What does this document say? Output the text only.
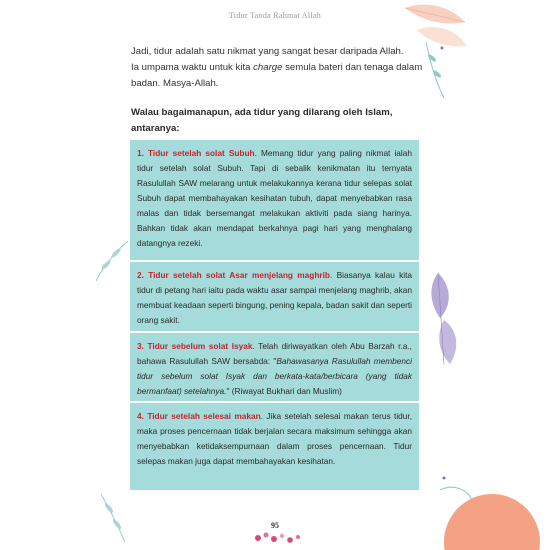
Tidur Tanda Rahmat Allah

Jadi, tidur adalah satu nikmat yang sangat besar daripada Allah.

Ia umpama waktu untuk kita charge semula bateri dan tenaga dalam

badan. Masya-Allah.

Walau bagaimanapun, ada tidur yang dilarang oleh Islam, antaranya:

1. Tidur setelah solat Subuh. Memang tidur yang paling nikmat ialah tidur setelah solat Subuh. Tapi di sebalik kenikmatan itu ternyata Rasulullah SAW melarang untuk melakukannya kerana tidur selepas solat Subuh dapat membahayakan kesihatan tubuh, dapat menyebabkan rasa malas dan tidak bersemangat melakukan aktiviti pada siang harinya. Bahkan tidak akan mendapat berkahnya pagi hari yang menghalang datangnya rezeki.
2. Tidur setelah solat Asar menjelang maghrib. Biasanya kalau kita tidur di petang hari iaitu pada waktu asar sampai menjelang maghrib, akan membuat keadaan seperti bingung, pening kepala, badan sakit dan seperti orang sakit.
3. Tidur sebelum solat Isyak. Telah diriwayatkan oleh Abu Barzah r.a., bahawa Rasulullah SAW bersabda: "Bahawasanya Rasulullah membenci tidur sebelum solat Isyak dan berkata-kata/berbicara (yang tidak bermanfaat) setelahnya." (Riwayat Bukhari dan Muslim)
4. Tidur setelah selesai makan. Jika setelah selesai makan terus tidur, maka proses pencernaan tidak berjalan secara maksimum sehingga akan menyebabkan ketidaksempurnaan dalam proses pencernaan. Tidur selepas makan juga dapat membahayakan kesihatan.
95
